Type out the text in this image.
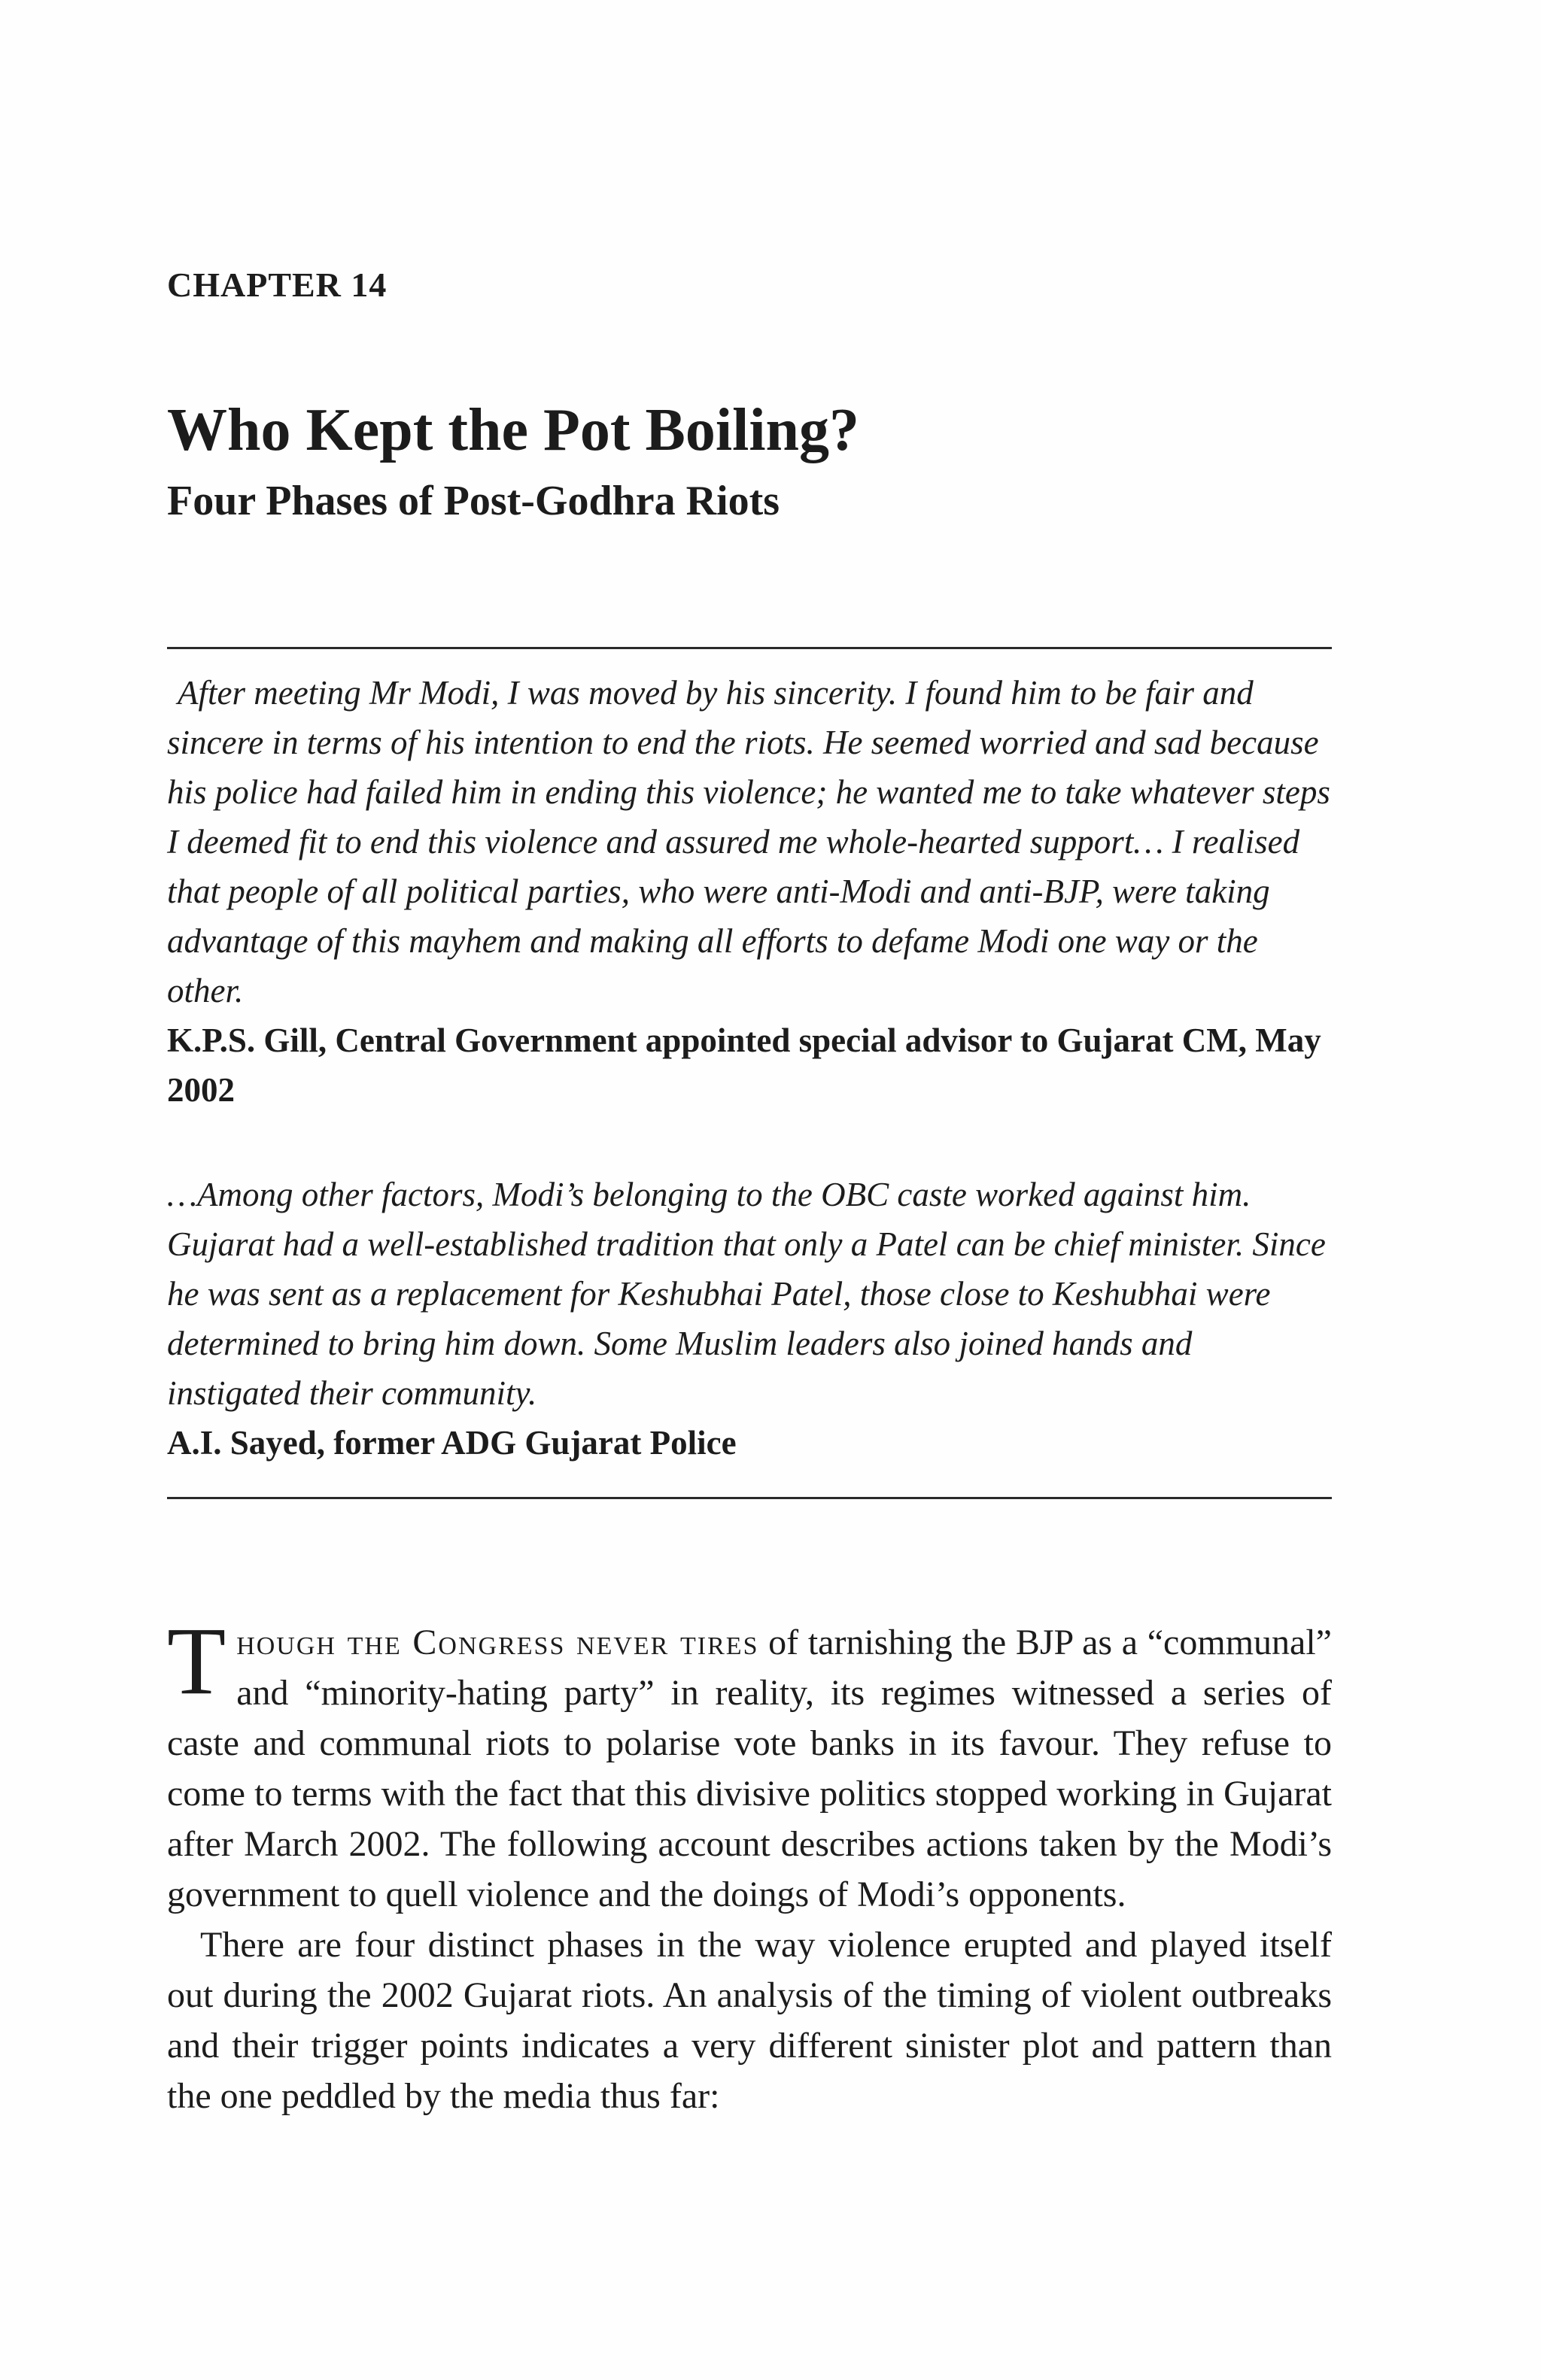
CHAPTER 14
Who Kept the Pot Boiling?
Four Phases of Post-Godhra Riots

After meeting Mr Modi, I was moved by his sincerity. I found him to be fair and sincere in terms of his intention to end the riots. He seemed worried and sad because his police had failed him in ending this violence; he wanted me to take whatever steps I deemed fit to end this violence and assured me whole-hearted support… I realised that people of all political parties, who were anti-Modi and anti-BJP, were taking advantage of this mayhem and making all efforts to defame Modi one way or the other.

K.P.S. Gill, Central Government appointed special advisor to Gujarat CM, May 2002

…Among other factors, Modi’s belonging to the OBC caste worked against him. Gujarat had a well-established tradition that only a Patel can be chief minister. Since he was sent as a replacement for Keshubhai Patel, those close to Keshubhai were determined to bring him down. Some Muslim leaders also joined hands and instigated their community.

A.I. Sayed, former ADG Gujarat Police

Though the Congress never tires of tarnishing the BJP as a “communal” and “minority-hating party” in reality, its regimes witnessed a series of caste and communal riots to polarise vote banks in its favour. They refuse to come to terms with the fact that this divisive politics stopped working in Gujarat after March 2002. The following account describes actions taken by the Modi’s government to quell violence and the doings of Modi’s opponents.

There are four distinct phases in the way violence erupted and played itself out during the 2002 Gujarat riots. An analysis of the timing of violent outbreaks and their trigger points indicates a very different sinister plot and pattern than the one peddled by the media thus far:
